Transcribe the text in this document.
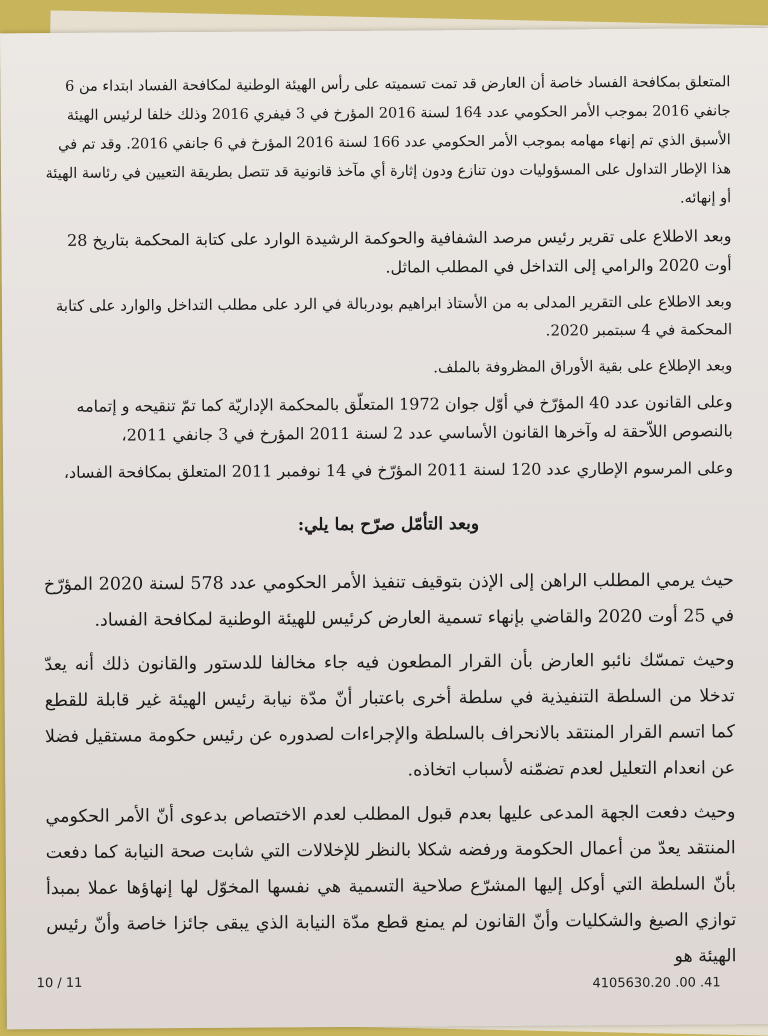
المتعلق بمكافحة الفساد خاصة أن العارض قد تمت تسميته على رأس الهيئة الوطنية لمكافحة الفساد ابتداء من 6 جانفي 2016 بموجب الأمر الحكومي عدد 164 لسنة 2016 المؤرخ في 3 فيفري 2016 وذلك خلفا لرئيس الهيئة الأسبق الذي تم إنهاء مهامه بموجب الأمر الحكومي عدد 166 لسنة 2016 المؤرخ في 6 جانفي 2016. وقد تم في هذا الإطار التداول على المسؤوليات دون تنازع ودون إثارة أي مآخذ قانونية قد تتصل بطريقة التعيين في رئاسة الهيئة أو إنهائه.

وبعد الاطلاع على تقرير رئيس مرصد الشفافية والحوكمة الرشيدة الوارد على كتابة المحكمة بتاريخ 28 أوت 2020 والرامي إلى التداخل في المطلب الماثل.

وبعد الاطلاع على التقرير المدلى به من الأستاذ ابراهيم بودربالة في الرد على مطلب التداخل والوارد على كتابة المحكمة في 4 سبتمبر 2020.

وبعد الإطلاع على بقية الأوراق المظروفة بالملف.

وعلى القانون عدد 40 المؤرّخ في أوّل جوان 1972 المتعلّق بالمحكمة الإداريّة كما تمّ تنقيحه و إتمامه بالنصوص اللاّحقة له وآخرها القانون الأساسي عدد 2 لسنة 2011 المؤرخ في 3 جانفي 2011،

وعلى المرسوم الإطاري عدد 120 لسنة 2011 المؤرّخ في 14 نوفمبر 2011 المتعلق بمكافحة الفساد،

وبعد التأمّل صرّح بما يلي:

حيث يرمي المطلب الراهن إلى الإذن بتوقيف تنفيذ الأمر الحكومي عدد 578 لسنة 2020 المؤرّخ في 25 أوت 2020 والقاضي بإنهاء تسمية العارض كرئيس للهيئة الوطنية لمكافحة الفساد.

وحيث تمسّك نائبو العارض بأن القرار المطعون فيه جاء مخالفا للدستور والقانون ذلك أنه يعدّ تدخلا من السلطة التنفيذية في سلطة أخرى باعتبار أنّ مدّة نيابة رئيس الهيئة غير قابلة للقطع كما اتسم القرار المنتقد بالانحراف بالسلطة والإجراءات لصدوره عن رئيس حكومة مستقيل فضلا عن انعدام التعليل لعدم تضمّنه لأسباب اتخاذه.

وحيث دفعت الجهة المدعى عليها بعدم قبول المطلب لعدم الاختصاص بدعوى أنّ الأمر الحكومي المنتقد يعدّ من أعمال الحكومة ورفضه شكلا بالنظر للإخلالات التي شابت صحة النيابة كما دفعت بأنّ السلطة التي أوكل إليها المشرّع صلاحية التسمية هي نفسها المخوّل لها إنهاؤها عملا بمبدأ توازي الصيغ والشكليات وأنّ القانون لم يمنع قطع مدّة النيابة الذي يبقى جائزا خاصة وأنّ رئيس الهيئة هو

10 / 11	4105630.20 .00 .41
